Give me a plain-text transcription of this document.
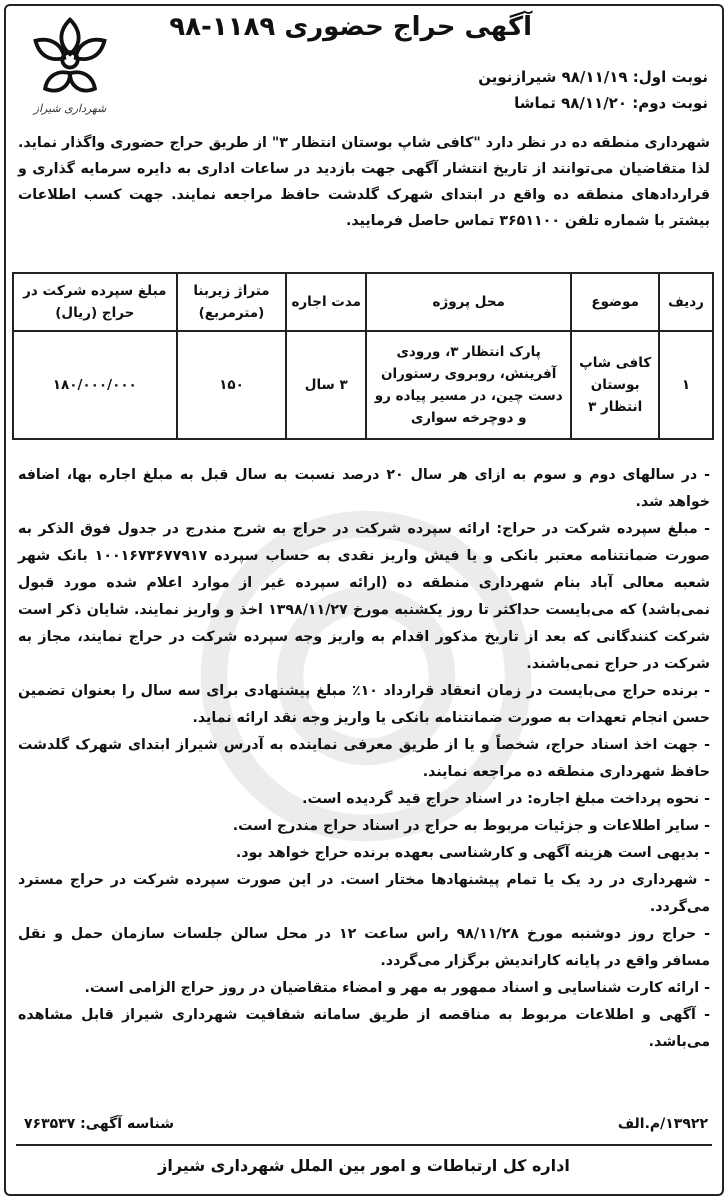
شهرداری شیراز
آگهی حراج حضوری ۱۱۸۹-۹۸
نوبت اول: ۹۸/۱۱/۱۹ شیرازنوین
نوبت دوم: ۹۸/۱۱/۲۰ تماشا

شهرداری منطقه ده در نظر دارد "کافی شاپ بوستان انتظار ۳" از طریق حراج حضوری واگذار نماید. لذا متقاضیان می‌توانند از تاریخ انتشار آگهی جهت بازدید در ساعات اداری به دایره سرمایه گذاری و قراردادهای منطقه ده واقع در ابتدای شهرک گلدشت حافظ مراجعه نمایند. جهت کسب اطلاعات بیشتر با شماره تلفن ۳۶۵۱۱۰۰ تماس حاصل فرمایید.

ردیف	موضوع	محل پروژه	مدت اجاره	متراژ زیربنا (مترمربع)	مبلغ سپرده شرکت در حراج (ریال)
۱	کافی شاپ بوستان انتظار ۳	پارک انتظار ۳، ورودی آفرینش، روبروی رستوران دست چین، در مسیر پیاده رو و دوچرخه سواری	۳ سال	۱۵۰	۱۸۰/۰۰۰/۰۰۰
- در سالهای دوم و سوم به ازای هر سال ۲۰ درصد نسبت به سال قبل به مبلغ اجاره بها، اضافه خواهد شد.
- مبلغ سپرده شرکت در حراج: ارائه سپرده شرکت در حراج به شرح مندرج در جدول فوق الذکر به صورت ضمانتنامه معتبر بانکی و یا فیش واریز نقدی به حساب سپرده ۱۰۰۱۶۷۳۶۷۷۹۱۷ بانک شهر شعبه معالی آباد بنام شهرداری منطقه ده (ارائه سپرده غیر از موارد اعلام شده مورد قبول نمی‌باشد) که می‌بایست حداکثر تا روز یکشنبه مورخ ۱۳۹۸/۱۱/۲۷ اخذ و واریز نمایند. شایان ذکر است شرکت کنندگانی که بعد از تاریخ مذکور اقدام به واریز وجه سپرده شرکت در حراج نمایند، مجاز به شرکت در حراج نمی‌باشند.
- برنده حراج می‌بایست در زمان انعقاد قرارداد ۱۰٪ مبلغ پیشنهادی برای سه سال را بعنوان تضمین حسن انجام تعهدات به صورت ضمانتنامه بانکی یا واریز وجه نقد ارائه نماید.
- جهت اخذ اسناد حراج، شخصاً و یا از طریق معرفی نماینده به آدرس شیراز ابتدای شهرک گلدشت حافظ شهرداری منطقه ده مراجعه نمایند.
- نحوه پرداخت مبلغ اجاره: در اسناد حراج قید گردیده است.
- سایر اطلاعات و جزئیات مربوط به حراج در اسناد حراج مندرج است.
- بدیهی است هزینه آگهی و کارشناسی بعهده برنده حراج خواهد بود.
- شهرداری در رد یک یا تمام پیشنهادها مختار است. در این صورت سپرده شرکت در حراج مسترد می‌گردد.
- حراج روز دوشنبه مورخ ۹۸/۱۱/۲۸ راس ساعت ۱۲ در محل سالن جلسات سازمان حمل و نقل مسافر واقع در پایانه کاراندیش برگزار می‌گردد.
- ارائه کارت شناسایی و اسناد ممهور به مهر و امضاء متقاضیان در روز حراج الزامی است.
- آگهی و اطلاعات مربوط به مناقصه از طریق سامانه شفافیت شهرداری شیراز قابل مشاهده می‌باشد.
۱۳۹۲۲/م.الف
شناسه آگهی: ۷۶۳۵۳۷
اداره کل ارتباطات و امور بین الملل شهرداری شیراز
